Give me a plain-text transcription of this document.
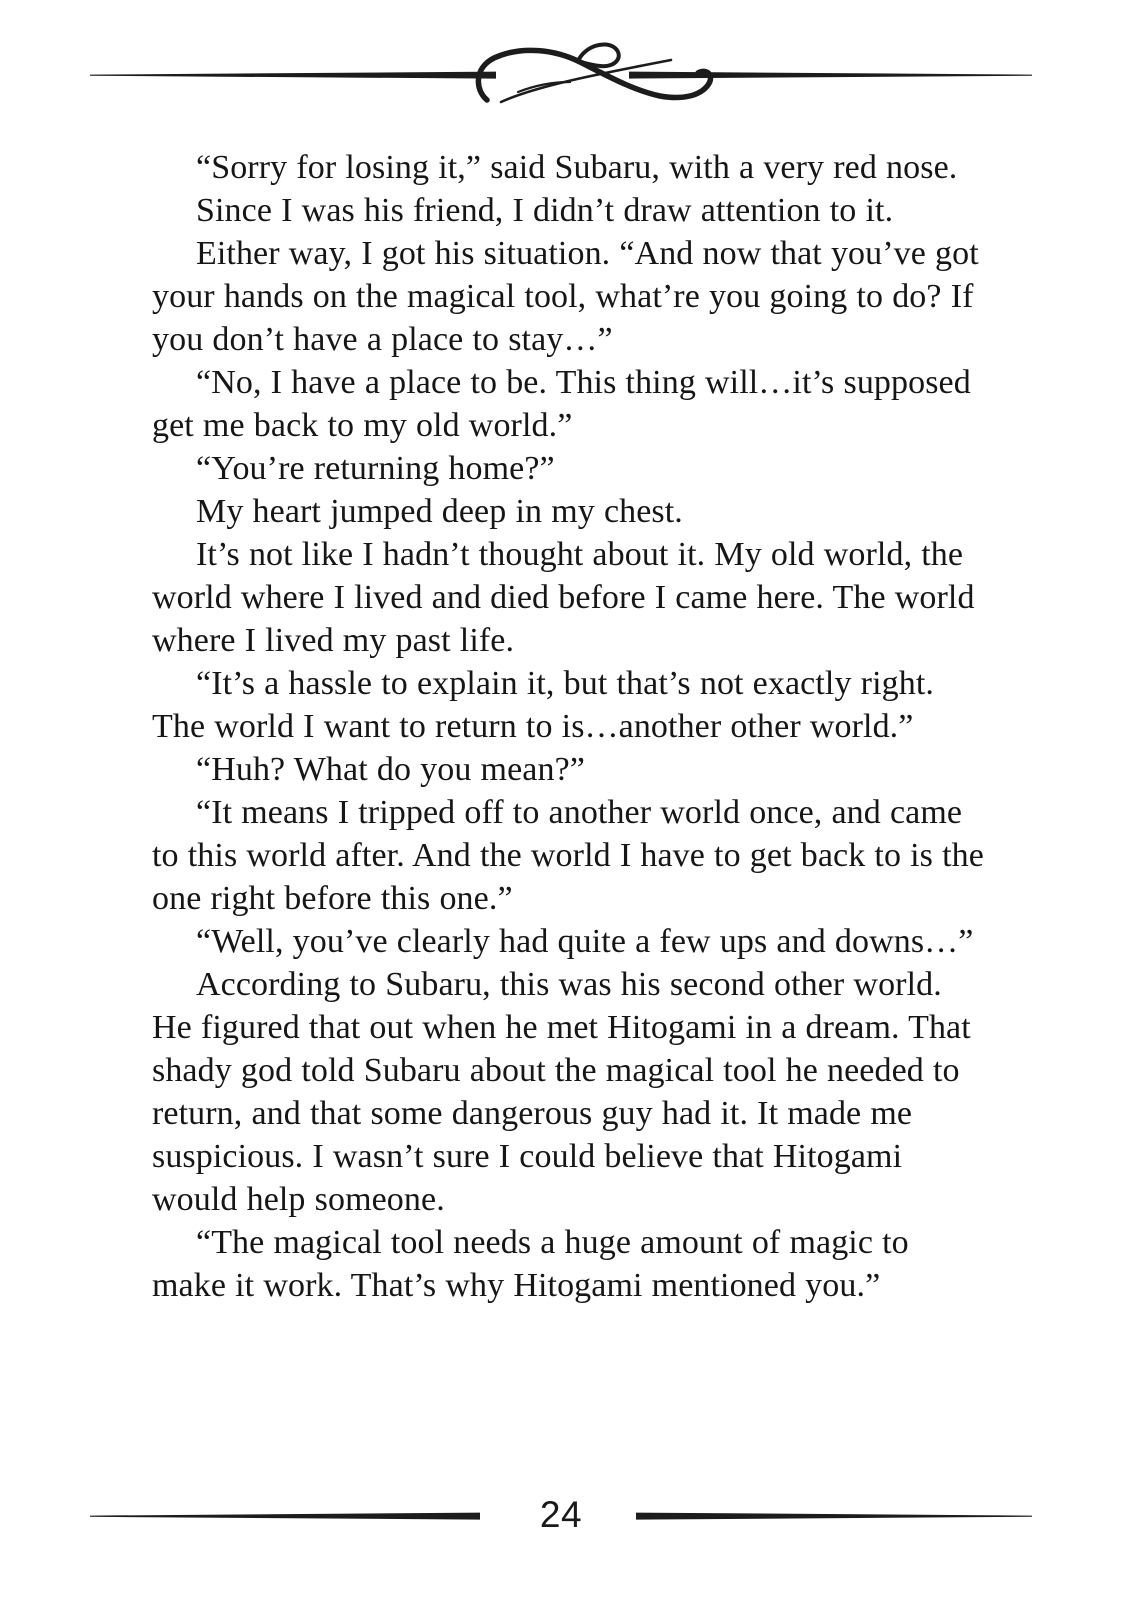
“Sorry for losing it,” said Subaru, with a very red nose.

Since I was his friend, I didn’t draw attention to it.

Either way, I got his situation. “And now that you’ve got your hands on the magical tool, what’re you going to do? If you don’t have a place to stay…”

“No, I have a place to be. This thing will…it’s supposed get me back to my old world.”

“You’re returning home?”

My heart jumped deep in my chest.

It’s not like I hadn’t thought about it. My old world, the world where I lived and died before I came here. The world where I lived my past life.

“It’s a hassle to explain it, but that’s not exactly right. The world I want to return to is…another other world.”

“Huh? What do you mean?”

“It means I tripped off to another world once, and came to this world after. And the world I have to get back to is the one right before this one.”

“Well, you’ve clearly had quite a few ups and downs…”

According to Subaru, this was his second other world. He figured that out when he met Hitogami in a dream. That shady god told Subaru about the magical tool he needed to return, and that some dangerous guy had it. It made me suspicious. I wasn’t sure I could believe that Hitogami would help someone.

“The magical tool needs a huge amount of magic to make it work. That’s why Hitogami mentioned you.”

24
